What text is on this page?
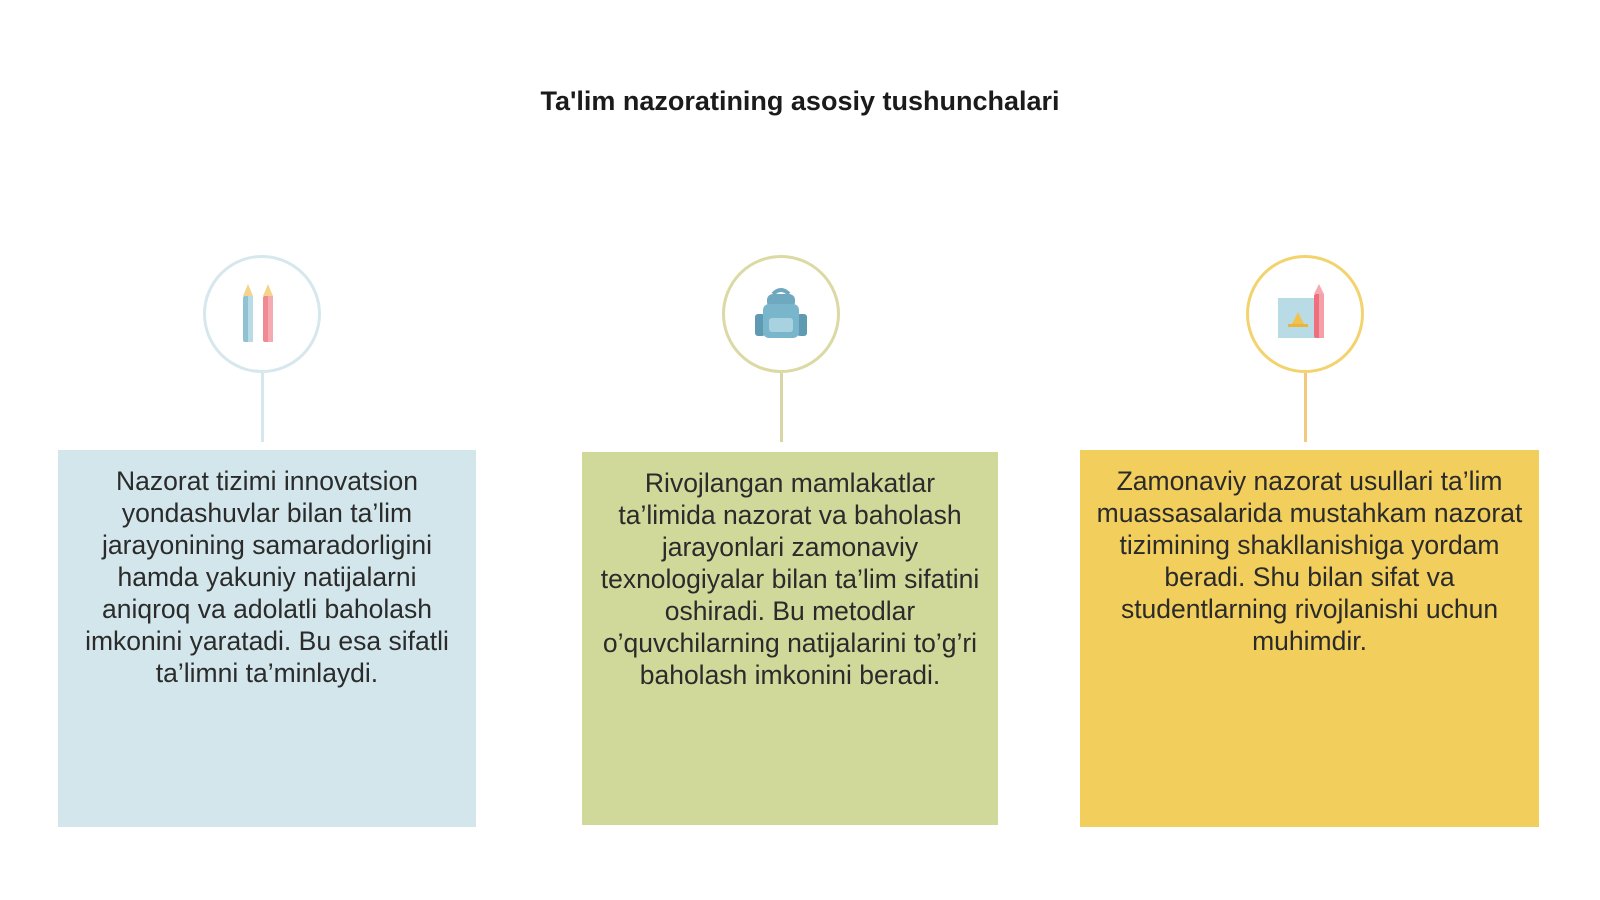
Ta'lim nazoratining asosiy tushunchalari
Nazorat tizimi innovatsion yondashuvlar bilan ta’lim jarayonining samaradorligini hamda yakuniy natijalarni aniqroq va adolatli baholash imkonini yaratadi. Bu esa sifatli ta’limni ta’minlaydi.
Rivojlangan mamlakatlar ta’limida nazorat va baholash jarayonlari zamonaviy texnologiyalar bilan ta’lim sifatini oshiradi. Bu metodlar o’quvchilarning natijalarini to’g’ri baholash imkonini beradi.
Zamonaviy nazorat usullari ta’lim muassasalarida mustahkam nazorat tizimining shakllanishiga yordam beradi. Shu bilan sifat va studentlarning rivojlanishi uchun muhimdir.
